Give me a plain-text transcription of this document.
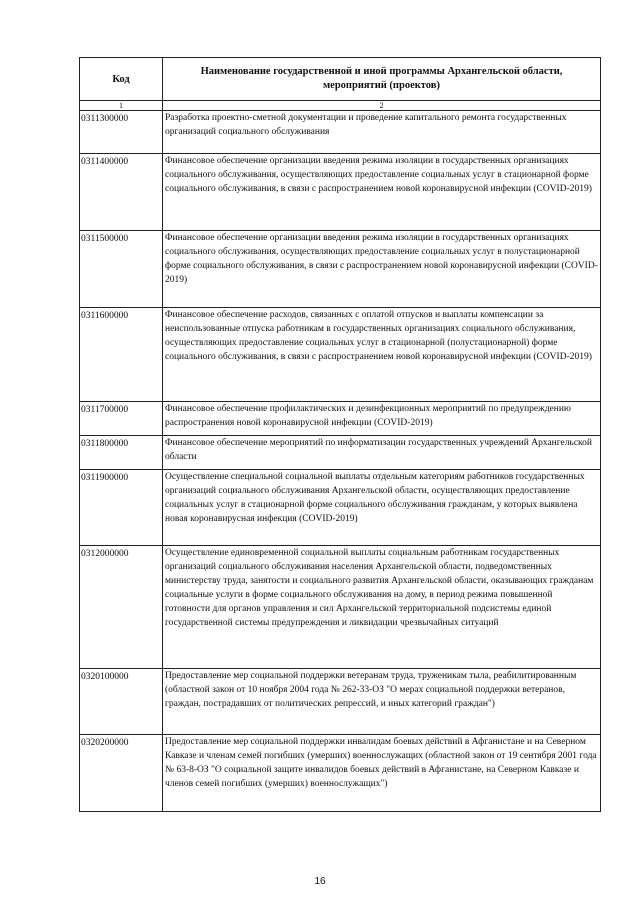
Код	Наименование государственной и иной программы Архангельской области, мероприятий (проектов)
1	2
0311300000	Разработка проектно-сметной документации и проведение капитального ремонта государственных организаций социального обслуживания
0311400000	Финансовое обеспечение организации введения режима изоляции в государственных организациях социального обслуживания, осуществляющих предоставление социальных услуг в стационарной форме социального обслуживания, в связи с распространением новой коронавирусной инфекции (COVID-2019)
0311500000	Финансовое обеспечение организации введения режима изоляции в государственных организациях социального обслуживания, осуществляющих предоставление социальных услуг в полустационарной форме социального обслуживания, в связи с распространением новой коронавирусной инфекции (COVID-2019)
0311600000	Финансовое обеспечение расходов, связанных с оплатой отпусков и выплаты компенсации за неиспользованные отпуска работникам в государственных организациях социального обслуживания, осуществляющих предоставление социальных услуг в стационарной (полустационарной) форме социального обслуживания, в связи с распространением новой коронавирусной инфекции (COVID-2019)
0311700000	Финансовое обеспечение профилактических и дезинфекционных мероприятий по предупреждению распространения новой коронавирусной инфекции (COVID-2019)
0311800000	Финансовое обеспечение мероприятий по информатизации государственных учреждений Архангельской области
0311900000	Осуществление специальной социальной выплаты отдельным категориям работников государственных организаций социального обслуживания Архангельской области, осуществляющих предоставление социальных услуг в стационарной форме социального обслуживания гражданам, у которых выявлена новая коронавирусная инфекция (COVID-2019)
0312000000	Осуществление единовременной социальной выплаты социальным работникам государственных организаций социального обслуживания населения Архангельской области, подведомственных министерству труда, занятости и социального развития Архангельской области, оказывающих гражданам социальные услуги в форме социального обслуживания на дому, в период режима повышенной готовности для органов управления и сил Архангельской территориальной подсистемы единой государственной системы предупреждения и ликвидации чрезвычайных ситуаций
0320100000	Предоставление мер социальной поддержки ветеранам труда, труженикам тыла, реабилитированным (областной закон от 10 ноября 2004 года № 262-33-ОЗ "О мерах социальной поддержки ветеранов, граждан, пострадавших от политических репрессий, и иных категорий граждан")
0320200000	Предоставление мер социальной поддержки инвалидам боевых действий в Афганистане и на Северном Кавказе и членам семей погибших (умерших) военнослужащих (областной закон от 19 сентября 2001 года № 63-8-ОЗ "О социальной защите инвалидов боевых действий в Афганистане, на Северном Кавказе и членов семей погибших (умерших) военнослужащих")
16
